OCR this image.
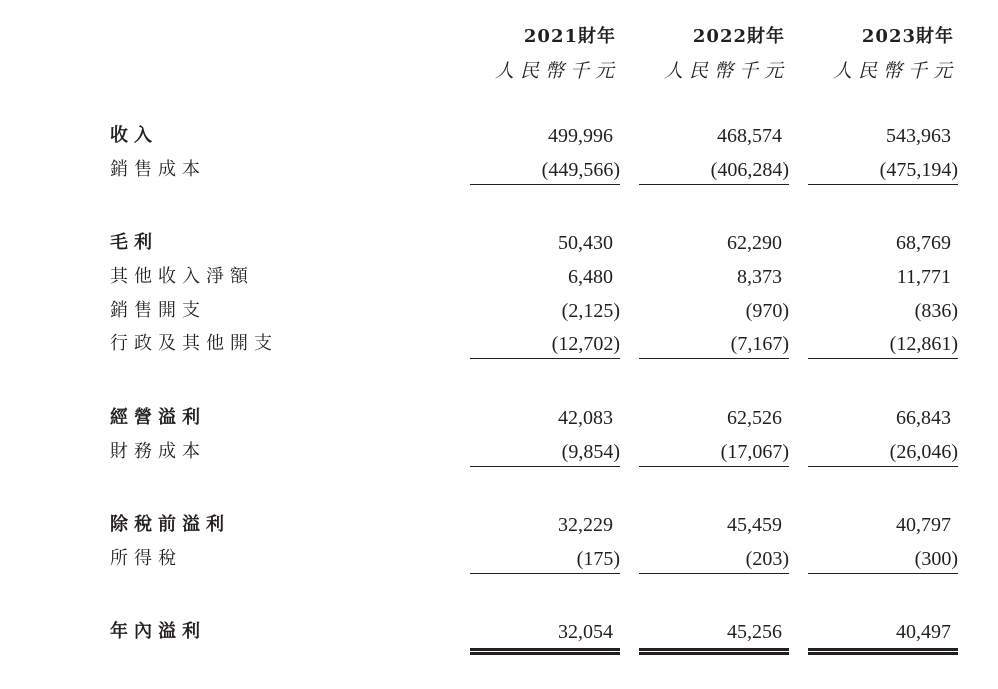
2021財年	2022財年	2023財年
人民幣千元	人民幣千元	人民幣千元
收入	499,996	468,574	543,963
銷售成本	(449,566)	(406,284)	(475,194)
毛利	50,430	62,290	68,769
其他收入淨額	6,480	8,373	11,771
銷售開支	(2,125)	(970)	(836)
行政及其他開支	(12,702)	(7,167)	(12,861)
經營溢利	42,083	62,526	66,843
財務成本	(9,854)	(17,067)	(26,046)
除稅前溢利	32,229	45,459	40,797
所得稅	(175)	(203)	(300)
年內溢利	32,054	45,256	40,497
